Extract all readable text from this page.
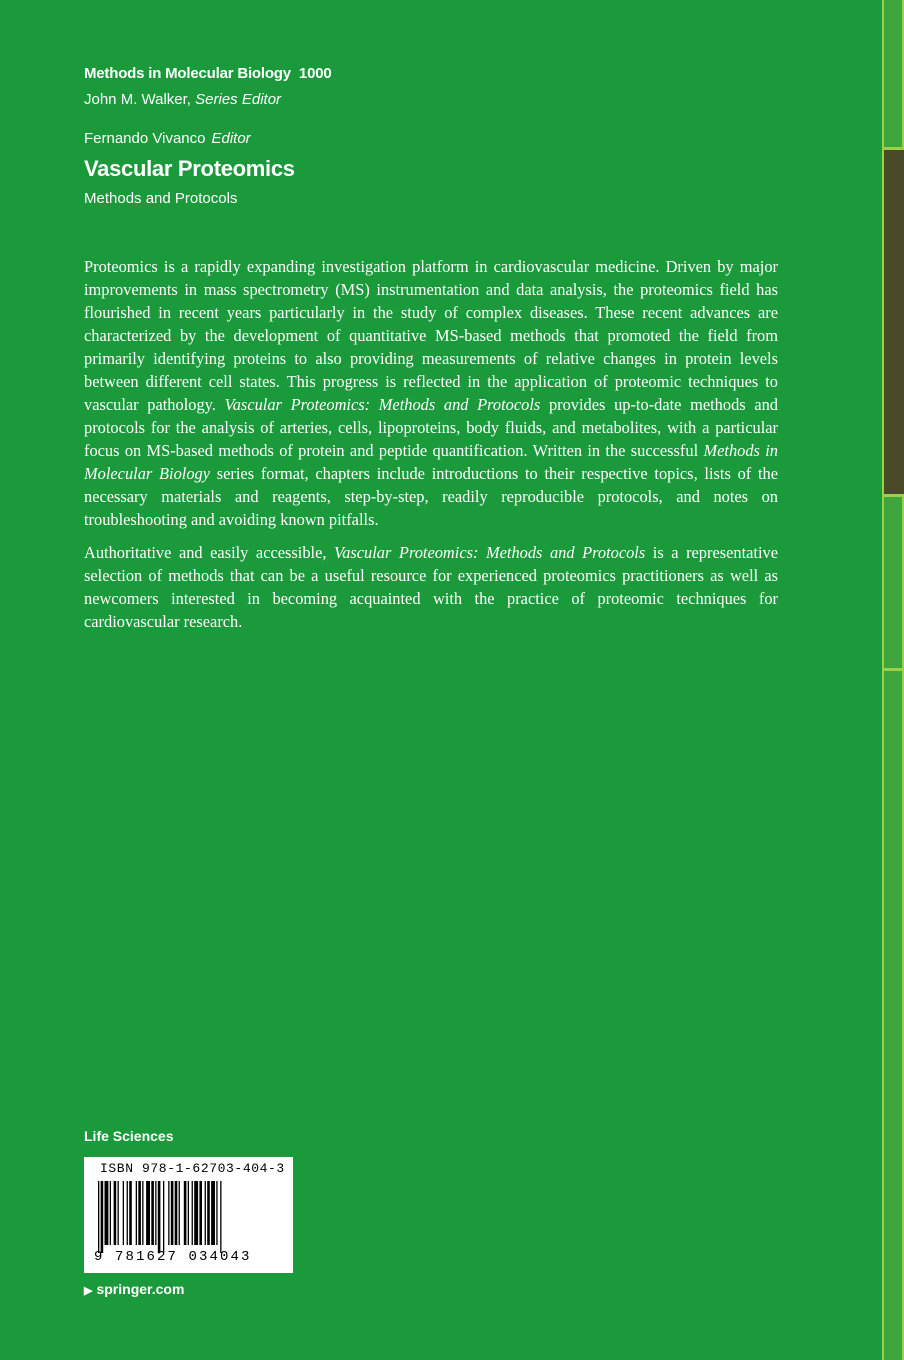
Methods in Molecular Biology 1000
John M. Walker, Series Editor
Fernando Vivanco Editor
Vascular Proteomics
Methods and Protocols

Proteomics is a rapidly expanding investigation platform in cardiovascular medicine. Driven by major improvements in mass spectrometry (MS) instrumentation and data analysis, the proteomics field has flourished in recent years particularly in the study of complex diseases. These recent advances are characterized by the development of quantitative MS-based methods that promoted the field from primarily identifying proteins to also providing measurements of relative changes in protein levels between different cell states. This progress is reflected in the application of proteomic techniques to vascular pathology. Vascular Proteomics: Methods and Protocols provides up-to-date methods and protocols for the analysis of arteries, cells, lipoproteins, body fluids, and metabolites, with a particular focus on MS-based methods of protein and peptide quantification. Written in the successful Methods in Molecular Biology series format, chapters include introductions to their respective topics, lists of the necessary materials and reagents, step-by-step, readily reproducible protocols, and notes on troubleshooting and avoiding known pitfalls.

Authoritative and easily accessible, Vascular Proteomics: Methods and Protocols is a representative selection of methods that can be a useful resource for experienced proteomics practitioners as well as newcomers interested in becoming acquainted with the practice of proteomic techniques for cardiovascular research.

Life Sciences
ISBN 978-1-62703-404-3
9 781627 034043
▶ springer.com
